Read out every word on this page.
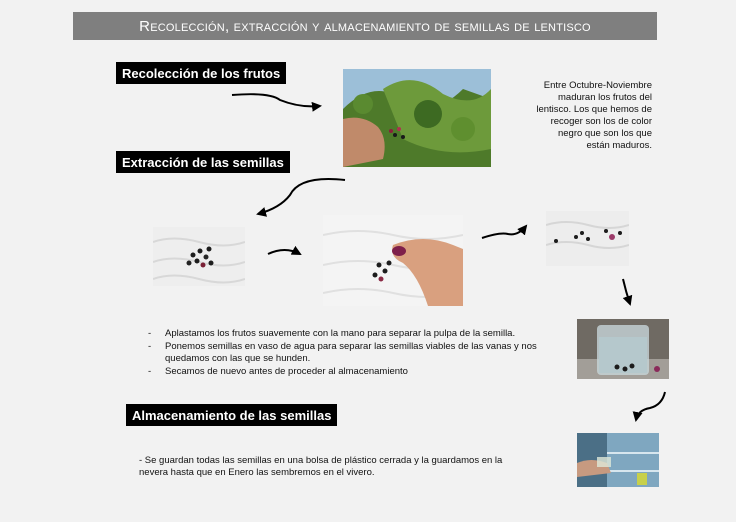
Recolección, extracción y almacenamiento de semillas de lentisco
Recolección de los frutos
Extracción de las semillas
Almacenamiento de las semillas
Entre Octubre-Noviembre
maduran los frutos del
lentisco. Los que hemos de
recoger son los de color
negro que son los que
están maduros.
- Aplastamos los frutos suavemente con la mano para separar la pulpa de la semilla.
- Ponemos semillas en vaso de agua para separar las semillas viables de las vanas y nos quedamos con las que se hunden.
- Secamos de nuevo antes de proceder al almacenamiento
- Se guardan todas las semillas en una bolsa de plástico cerrada y la guardamos en la
nevera hasta que en Enero las sembremos en el vivero.
